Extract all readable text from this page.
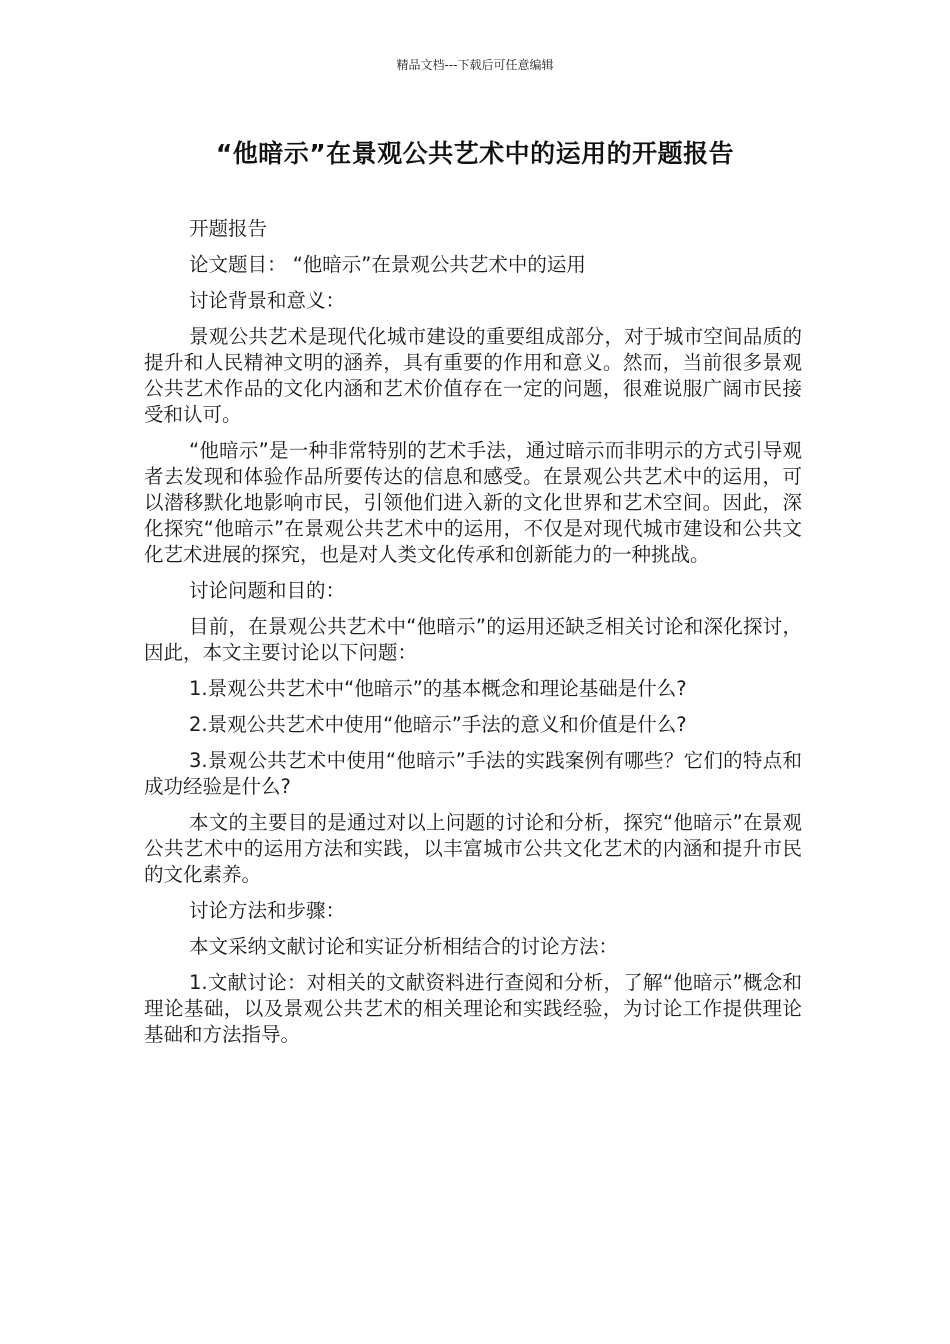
精品文档---下载后可任意编辑
“他暗示”在景观公共艺术中的运用的开题报告

开题报告

论文题目： “他暗示”在景观公共艺术中的运用

讨论背景和意义：

景观公共艺术是现代化城市建设的重要组成部分，对于城市空间品质的提升和人民精神文明的涵养，具有重要的作用和意义。然而，当前很多景观公共艺术作品的文化内涵和艺术价值存在一定的问题，很难说服广阔市民接受和认可。

“他暗示”是一种非常特别的艺术手法，通过暗示而非明示的方式引导观者去发现和体验作品所要传达的信息和感受。在景观公共艺术中的运用，可以潜移默化地影响市民，引领他们进入新的文化世界和艺术空间。因此，深化探究“他暗示”在景观公共艺术中的运用，不仅是对现代城市建设和公共文化艺术进展的探究，也是对人类文化传承和创新能力的一种挑战。

讨论问题和目的：

目前，在景观公共艺术中“他暗示”的运用还缺乏相关讨论和深化探讨，因此，本文主要讨论以下问题：

1.景观公共艺术中“他暗示”的基本概念和理论基础是什么?

2.景观公共艺术中使用“他暗示”手法的意义和价值是什么?

3.景观公共艺术中使用“他暗示”手法的实践案例有哪些？它们的特点和成功经验是什么?

本文的主要目的是通过对以上问题的讨论和分析，探究“他暗示”在景观公共艺术中的运用方法和实践，以丰富城市公共文化艺术的内涵和提升市民的文化素养。

讨论方法和步骤：

本文采纳文献讨论和实证分析相结合的讨论方法：

1.文献讨论：对相关的文献资料进行查阅和分析，了解“他暗示”概念和理论基础，以及景观公共艺术的相关理论和实践经验，为讨论工作提供理论基础和方法指导。
